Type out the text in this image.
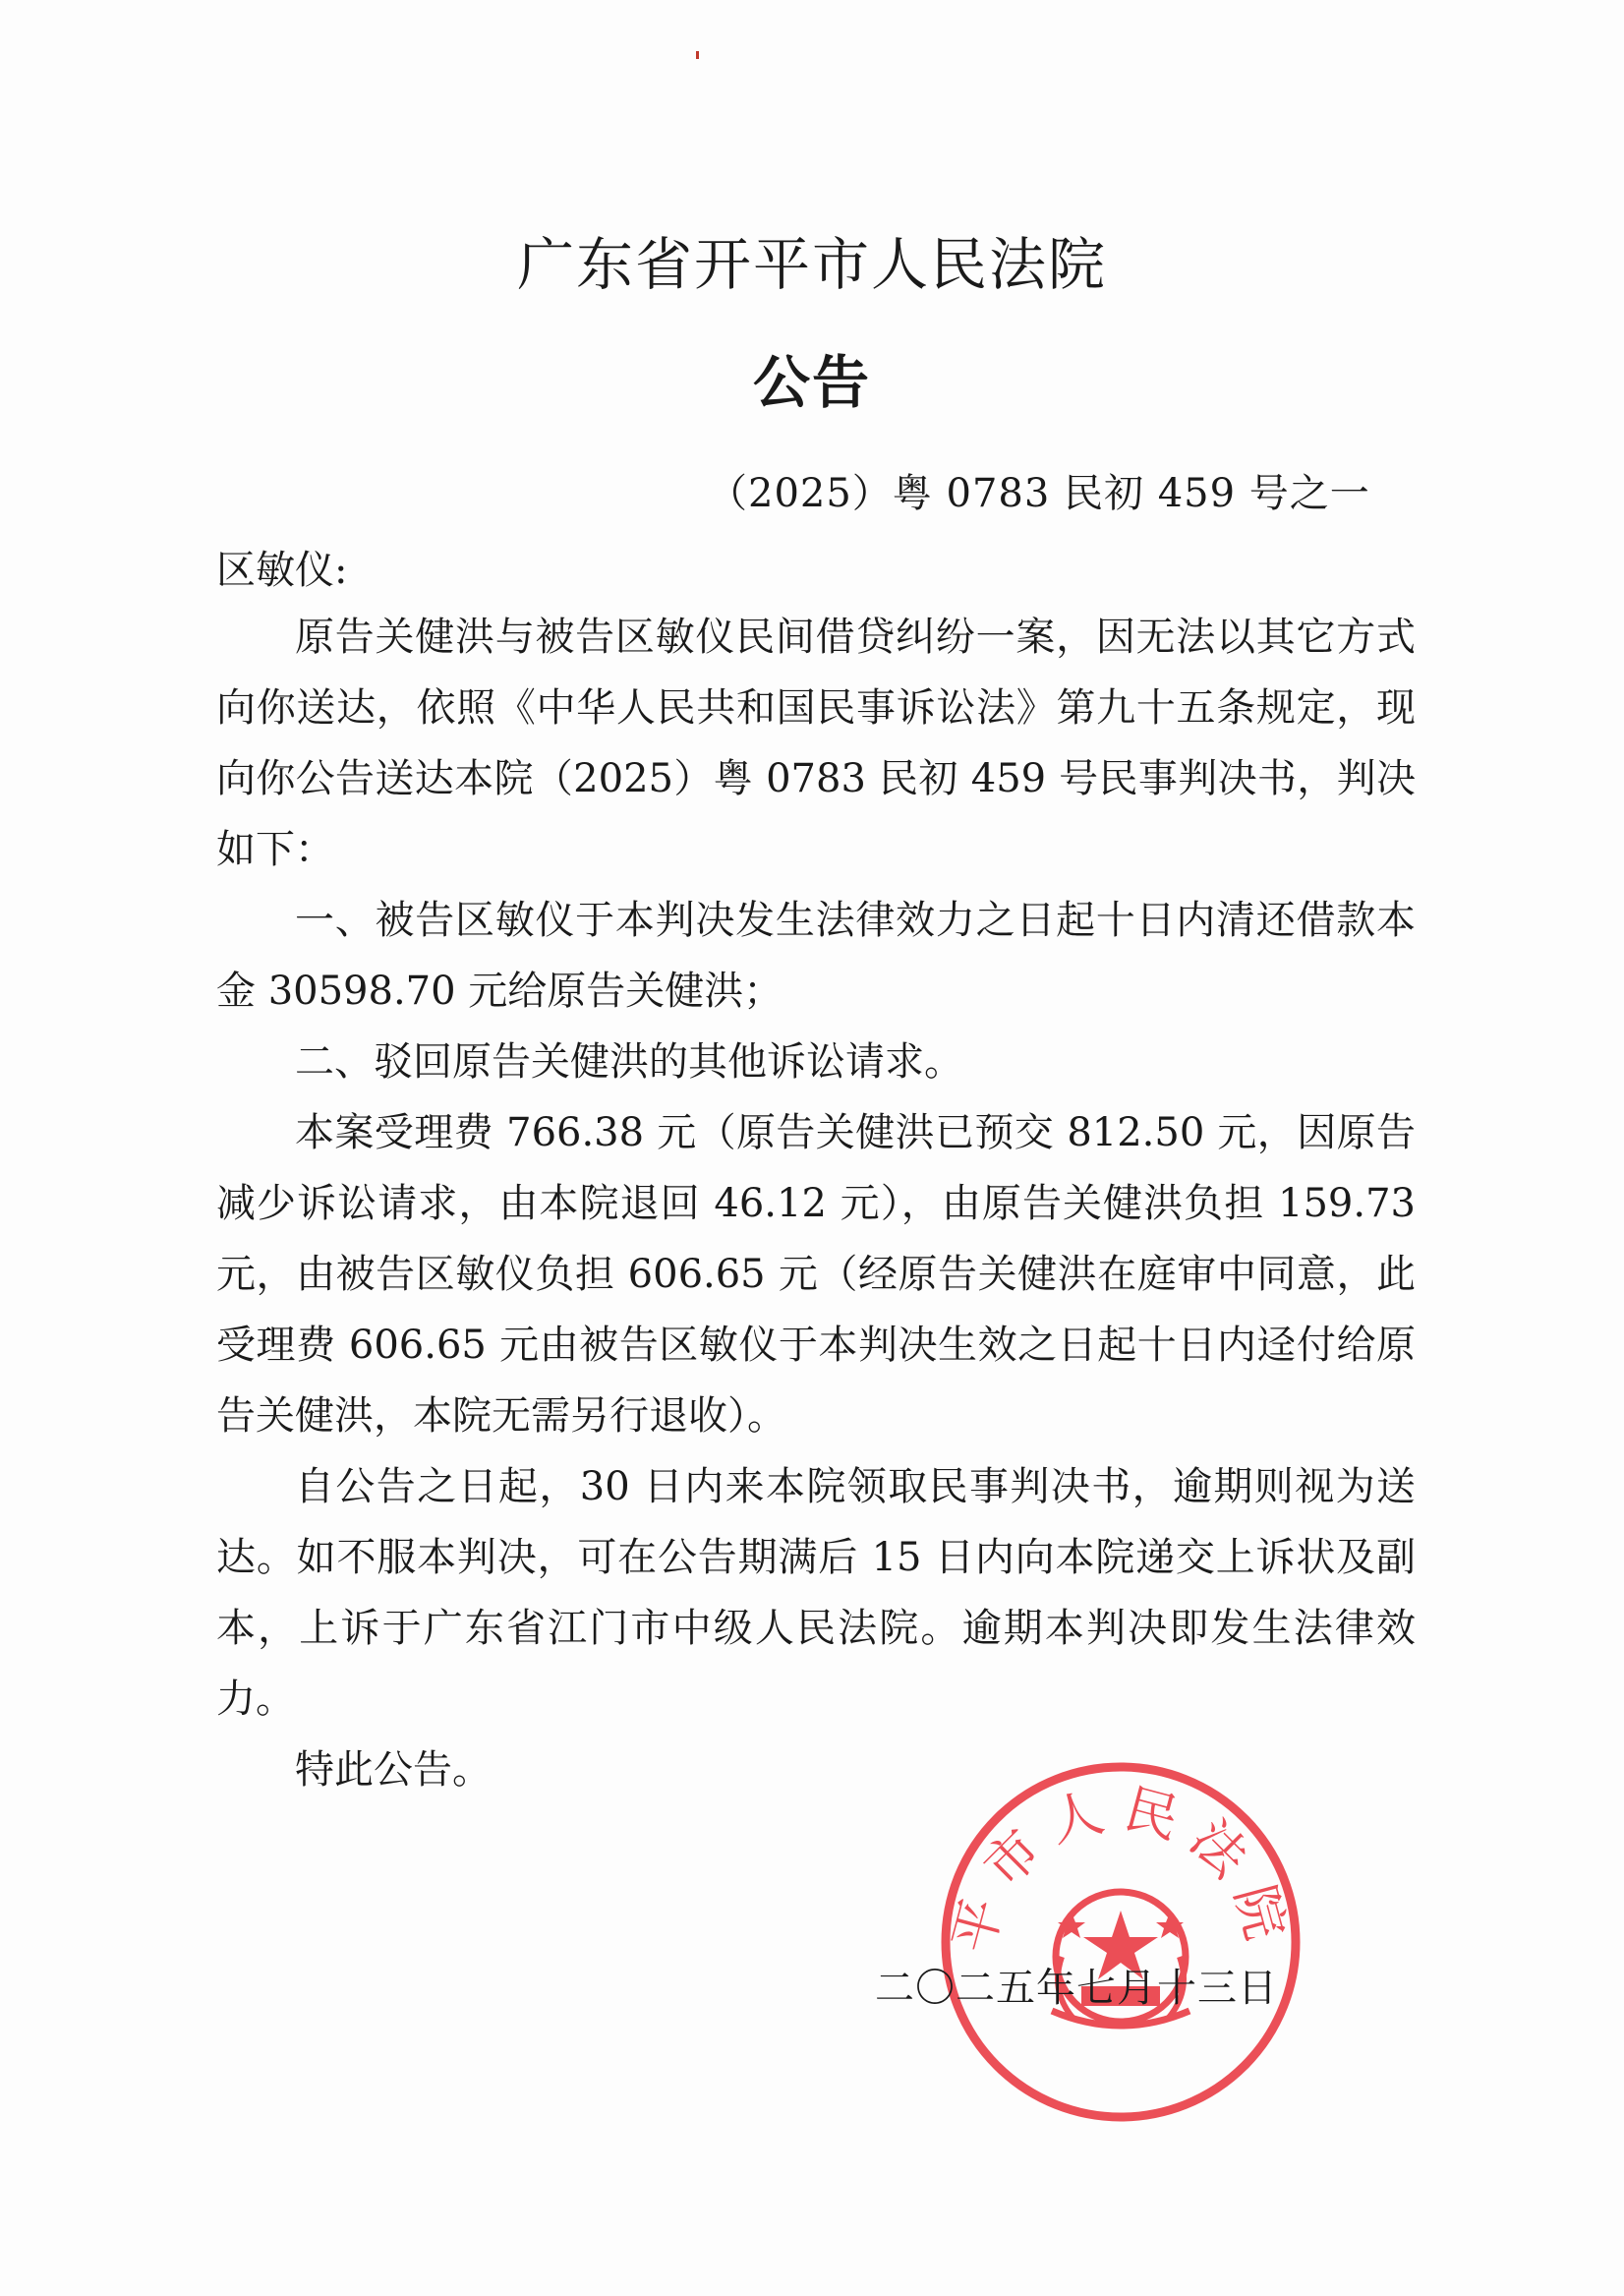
广东省开平市人民法院
公告
（2025）粤 0783 民初 459 号之一
区敏仪:

原告关健洪与被告区敏仪民间借贷纠纷一案，因无法以其它方式向你送达，依照《中华人民共和国民事诉讼法》第九十五条规定，现向你公告送达本院（2025）粤 0783 民初 459 号民事判决书，判决如下：

一、被告区敏仪于本判决发生法律效力之日起十日内清还借款本金 30598.70 元给原告关健洪；

二、驳回原告关健洪的其他诉讼请求。

本案受理费 766.38 元（原告关健洪已预交 812.50 元，因原告减少诉讼请求，由本院退回 46.12 元），由原告关健洪负担 159.73 元，由被告区敏仪负担 606.65 元（经原告关健洪在庭审中同意，此受理费 606.65 元由被告区敏仪于本判决生效之日起十日内迳付给原告关健洪，本院无需另行退收）。

自公告之日起，30 日内来本院领取民事判决书，逾期则视为送达。如不服本判决，可在公告期满后 15 日内向本院递交上诉状及副本，上诉于广东省江门市中级人民法院。逾期本判决即发生法律效力。

特此公告。

平市人民法院
二〇二五年七月十三日
